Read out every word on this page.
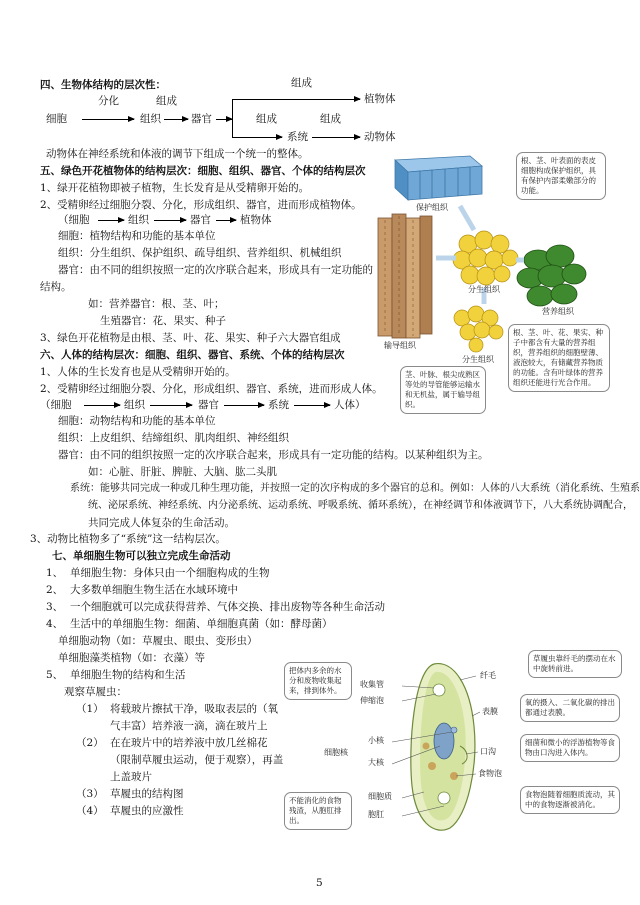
四、生物体结构的层次性：	组成
分化	组成
细胞	组织	器官
植物体
组成	组成
系统	动物体
动物体在神经系统和体液的调节下组成一个统一的整体。
五、绿色开花植物体的结构层次：细胞、组织、器官、个体的结构层次
1、绿开花植物即被子植物，生长发育是从受精卵开始的。
2、受精卵经过细胞分裂、分化，形成组织、器官，进而形成植物体。
（细胞	组织	器官	植物体
细胞：植物结构和功能的基本单位
组织：分生组织、保护组织、疏导组织、营养组织、机械组织
器官：由不同的组织按照一定的次序联合起来，形成具有一定功能的
结构。
如：营养器官：根、茎、叶；
生殖器官：花、果实、种子
3、绿色开花植物是由根、茎、叶、花、果实、种子六大器官组成
六、人体的结构层次：细胞、组织、器官、系统、个体的结构层次
1、人体的生长发育也是从受精卵开始的。
2、受精卵经过细胞分裂、分化，形成组织、器官、系统，进而形成人体。
（细胞	组织	器官	系统	人体）
细胞：动物结构和功能的基本单位
组织：上皮组织、结缔组织、肌肉组织、神经组织
器官：由不同的组织按照一定的次序联合起来，形成具有一定功能的结构。以某种组织为主。
如：心脏、肝脏、脾脏、大脑、肱二头肌
系统：能够共同完成一种或几种生理功能，并按照一定的次序构成的多个器官的总和。例如：人体的八大系统（消化系统、生殖系
统、泌尿系统、神经系统、内分泌系统、运动系统、呼吸系统、循环系统），在神经调节和体液调节下，八大系统协调配合，
共同完成人体复杂的生命活动。
3、动物比植物多了“系统”这一结构层次。
七、单细胞生物可以独立完成生命活动
1、 单细胞生物：身体只由一个细胞构成的生物
2、 大多数单细胞生物生活在水域环境中
3、 一个细胞就可以完成获得营养、气体交换、排出废物等各种生命活动
4、 生活中的单细胞生物：细菌、单细胞真菌（如：酵母菌）
单细胞动物（如：草履虫、眼虫、变形虫）
单细胞藻类植物（如：衣藻）等
5、 单细胞生物的结构和生活
观察草履虫：
（1） 将载玻片擦拭干净，吸取表层的（氧
气丰富）培养液一滴，滴在玻片上
（2） 在在玻片中的培养液中放几丝棉花
（限制草履虫运动，便于观察），再盖
上盖玻片
（3） 草履虫的结构图
（4） 草履虫的应激性
根、茎、叶表面的表皮细胞构成保护组织，具有保护内部柔嫩部分的功能。
保护组织
分生组织
营养组织
输导组织
分生组织
茎、叶脉、根尖成熟区等处的导管能够运输水和无机盐，属于输导组织。
根、茎、叶、花、果实、种子中都含有大量的营养组织，营养组织的细胞壁薄、液泡较大，有储藏营养物质的功能。含有叶绿体的营养组织还能进行光合作用。
把体内多余的水分和废物收集起来，排到体外。
收集管
伸缩泡
纤毛
草履虫靠纤毛的摆动在水中旋转前进。
表膜
氧的摄入、二氧化碳的排出都通过表膜。
小核
大核
细胞核	口沟
细菌和微小的浮游植物等食物由口沟进入体内。
食物泡
细胞质
不能消化的食物残渣，从胞肛排出。
胞肛
食物泡随着细胞质流动，其中的食物逐渐被消化。
5
